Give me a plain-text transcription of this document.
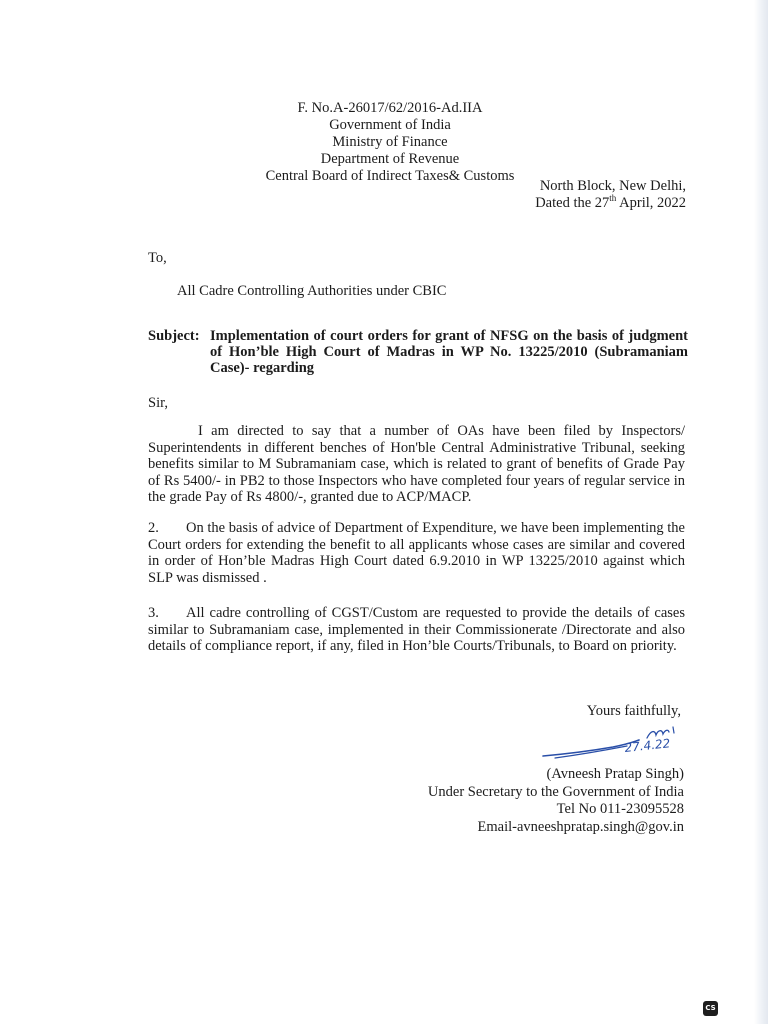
F. No.A-26017/62/2016-Ad.IIA
Government of India
Ministry of Finance
Department of Revenue
Central Board of Indirect Taxes& Customs
North Block, New Delhi,
Dated the 27th April, 2022
To,
All Cadre Controlling Authorities under CBIC
Subject: Implementation of court orders for grant of NFSG on the basis of judgment of Hon’ble High Court of Madras in WP No. 13225/2010 (Subramaniam Case)- regarding
Sir,
I am directed to say that a number of OAs have been filed by Inspectors/ Superintendents in different benches of Hon'ble Central Administrative Tribunal, seeking benefits similar to M Subramaniam case, which is related to grant of benefits of Grade Pay of Rs 5400/- in PB2 to those Inspectors who have completed four years of regular service in the grade Pay of Rs 4800/-, granted due to ACP/MACP.
2. On the basis of advice of Department of Expenditure, we have been implementing the Court orders for extending the benefit to all applicants whose cases are similar and covered in order of Hon’ble Madras High Court dated 6.9.2010 in WP 13225/2010 against which SLP was dismissed .
3. All cadre controlling of CGST/Custom are requested to provide the details of cases similar to Subramaniam case, implemented in their Commissionerate /Directorate and also details of compliance report, if any, filed in Hon’ble Courts/Tribunals, to Board on priority.
Yours faithfully,
27.4.22
(Avneesh Pratap Singh)
Under Secretary to the Government of India
Tel No 011-23095528
Email-avneeshpratap.singh@gov.in
CS
